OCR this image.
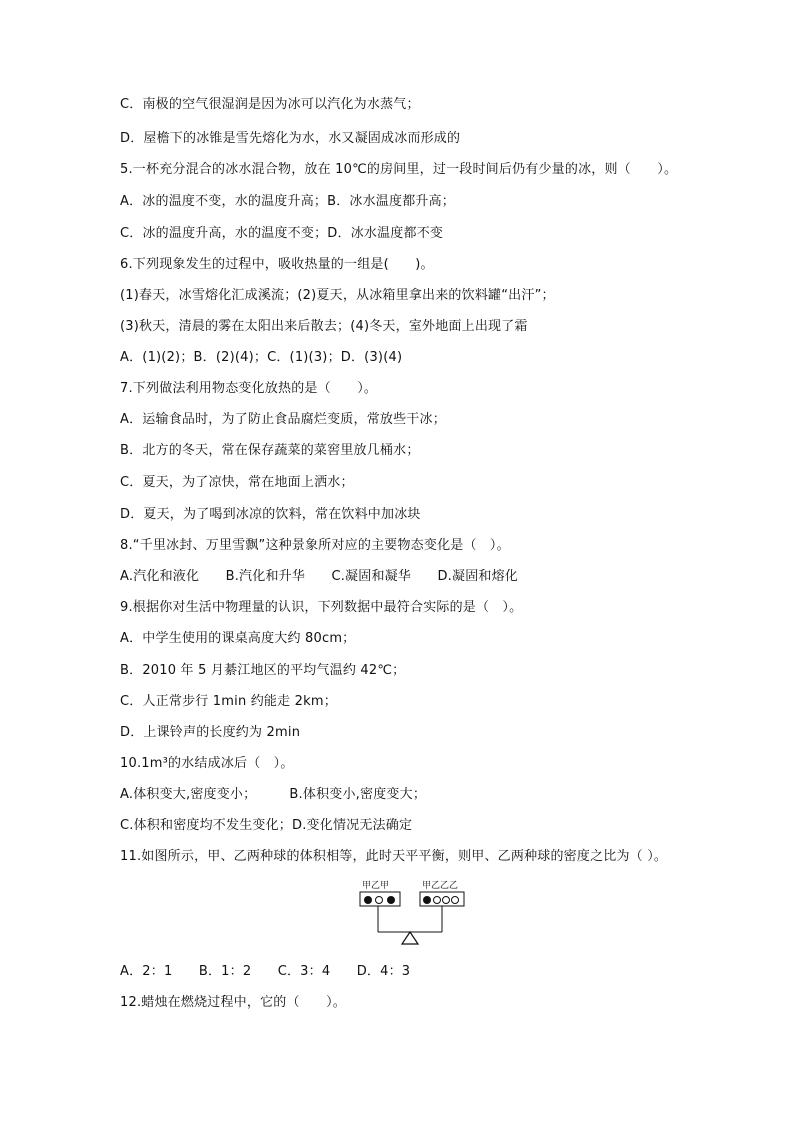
C．南极的空气很湿润是因为冰可以汽化为水蒸气；
D．屋檐下的冰锥是雪先熔化为水，水又凝固成冰而形成的
5.一杯充分混合的冰水混合物，放在 10℃的房间里，过一段时间后仍有少量的冰，则（　　）。
A．冰的温度不变，水的温度升高；B．冰水温度都升高；
C．冰的温度升高，水的温度不变；D．冰水温度都不变
6.下列现象发生的过程中，吸收热量的一组是(　　)。
(1)春天，冰雪熔化汇成溪流；(2)夏天，从冰箱里拿出来的饮料罐“出汗”；
(3)秋天，清晨的雾在太阳出来后散去；(4)冬天，室外地面上出现了霜
A．(1)(2)；B．(2)(4)；C．(1)(3)；D．(3)(4)
7.下列做法利用物态变化放热的是（　　）。
A．运输食品时，为了防止食品腐烂变质，常放些干冰；
B．北方的冬天，常在保存蔬菜的菜窖里放几桶水；
C．夏天，为了凉快，常在地面上洒水；
D．夏天，为了喝到冰凉的饮料，常在饮料中加冰块
8.“千里冰封、万里雪飘”这种景象所对应的主要物态变化是（　）。
A.汽化和液化　　B.汽化和升华　　C.凝固和凝华　　D.凝固和熔化
9.根据你对生活中物理量的认识，下列数据中最符合实际的是（　）。
A．中学生使用的课桌高度大约 80cm；
B．2010 年 5 月綦江地区的平均气温约 42℃；
C．人正常步行 1min 约能走 2km；
D．上课铃声的长度约为 2min
10.1m³的水结成冰后（　）。
A.体积变大,密度变小；　　　B.体积变小,密度变大；
C.体积和密度均不发生变化；D.变化情况无法确定
11.如图所示，甲、乙两种球的体积相等，此时天平平衡，则甲、乙两种球的密度之比为（ ）。
甲乙甲	甲乙乙乙
A．2：1　　B．1：2　　C．3：4　　D．4：3
12.蜡烛在燃烧过程中，它的（　　）。
